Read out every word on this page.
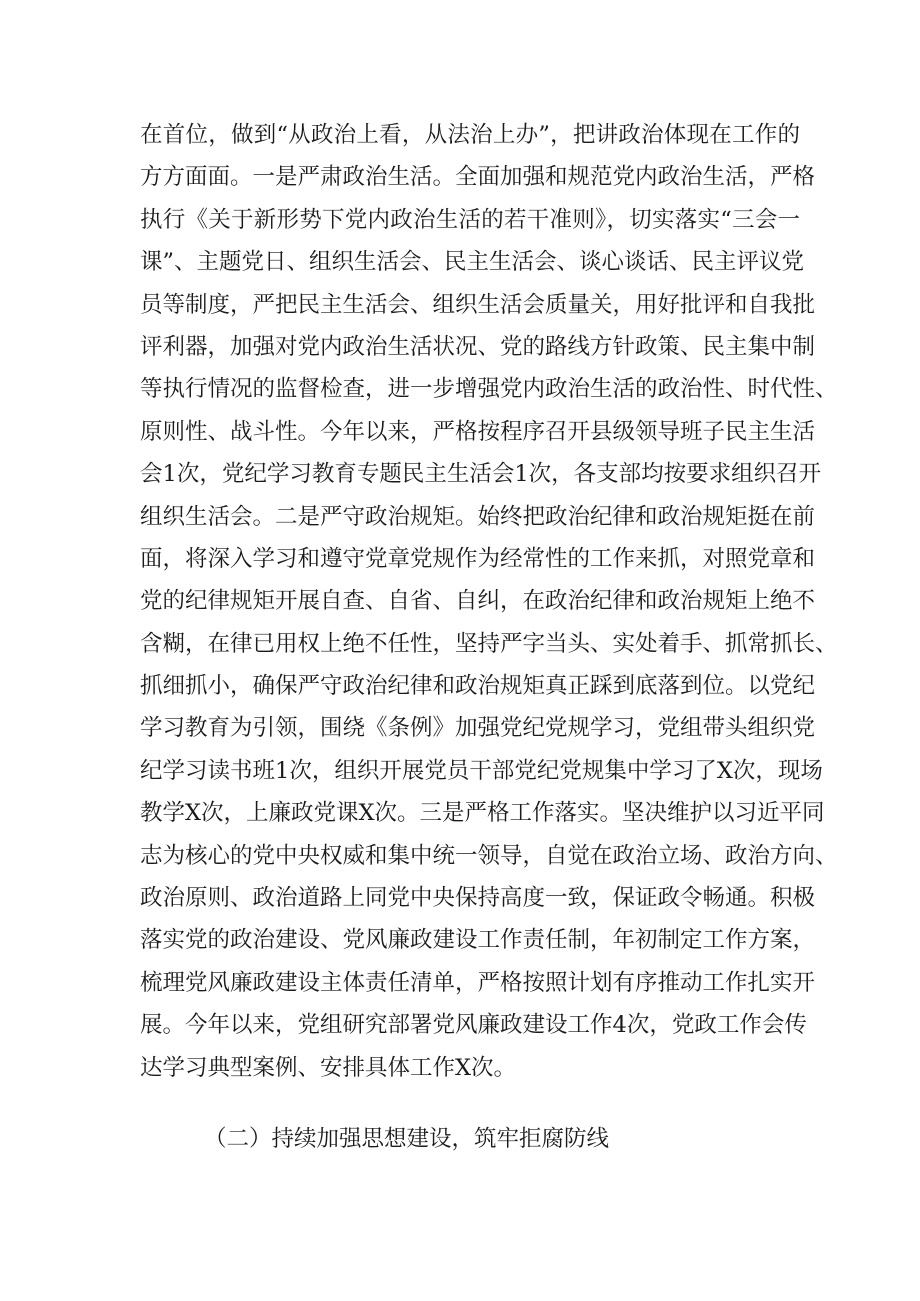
在首位，做到“从政治上看，从法治上办”，把讲政治体现在工作的
方方面面。一是严肃政治生活。全面加强和规范党内政治生活，严格
执行《关于新形势下党内政治生活的若干准则》，切实落实“三会一
课”、主题党日、组织生活会、民主生活会、谈心谈话、民主评议党
员等制度，严把民主生活会、组织生活会质量关，用好批评和自我批
评利器，加强对党内政治生活状况、党的路线方针政策、民主集中制
等执行情况的监督检查，进一步增强党内政治生活的政治性、时代性、
原则性、战斗性。今年以来，严格按程序召开县级领导班子民主生活
会1次，党纪学习教育专题民主生活会1次，各支部均按要求组织召开
组织生活会。二是严守政治规矩。始终把政治纪律和政治规矩挺在前
面，将深入学习和遵守党章党规作为经常性的工作来抓，对照党章和
党的纪律规矩开展自查、自省、自纠，在政治纪律和政治规矩上绝不
含糊，在律已用权上绝不任性，坚持严字当头、实处着手、抓常抓长、
抓细抓小，确保严守政治纪律和政治规矩真正踩到底落到位。以党纪
学习教育为引领，围绕《条例》加强党纪党规学习，党组带头组织党
纪学习读书班1次，组织开展党员干部党纪党规集中学习了X次，现场
教学X次，上廉政党课X次。三是严格工作落实。坚决维护以习近平同
志为核心的党中央权威和集中统一领导，自觉在政治立场、政治方向、
政治原则、政治道路上同党中央保持高度一致，保证政令畅通。积极
落实党的政治建设、党风廉政建设工作责任制，年初制定工作方案，
梳理党风廉政建设主体责任清单，严格按照计划有序推动工作扎实开
展。今年以来，党组研究部署党风廉政建设工作4次，党政工作会传
达学习典型案例、安排具体工作X次。
（二）持续加强思想建设，筑牢拒腐防线
